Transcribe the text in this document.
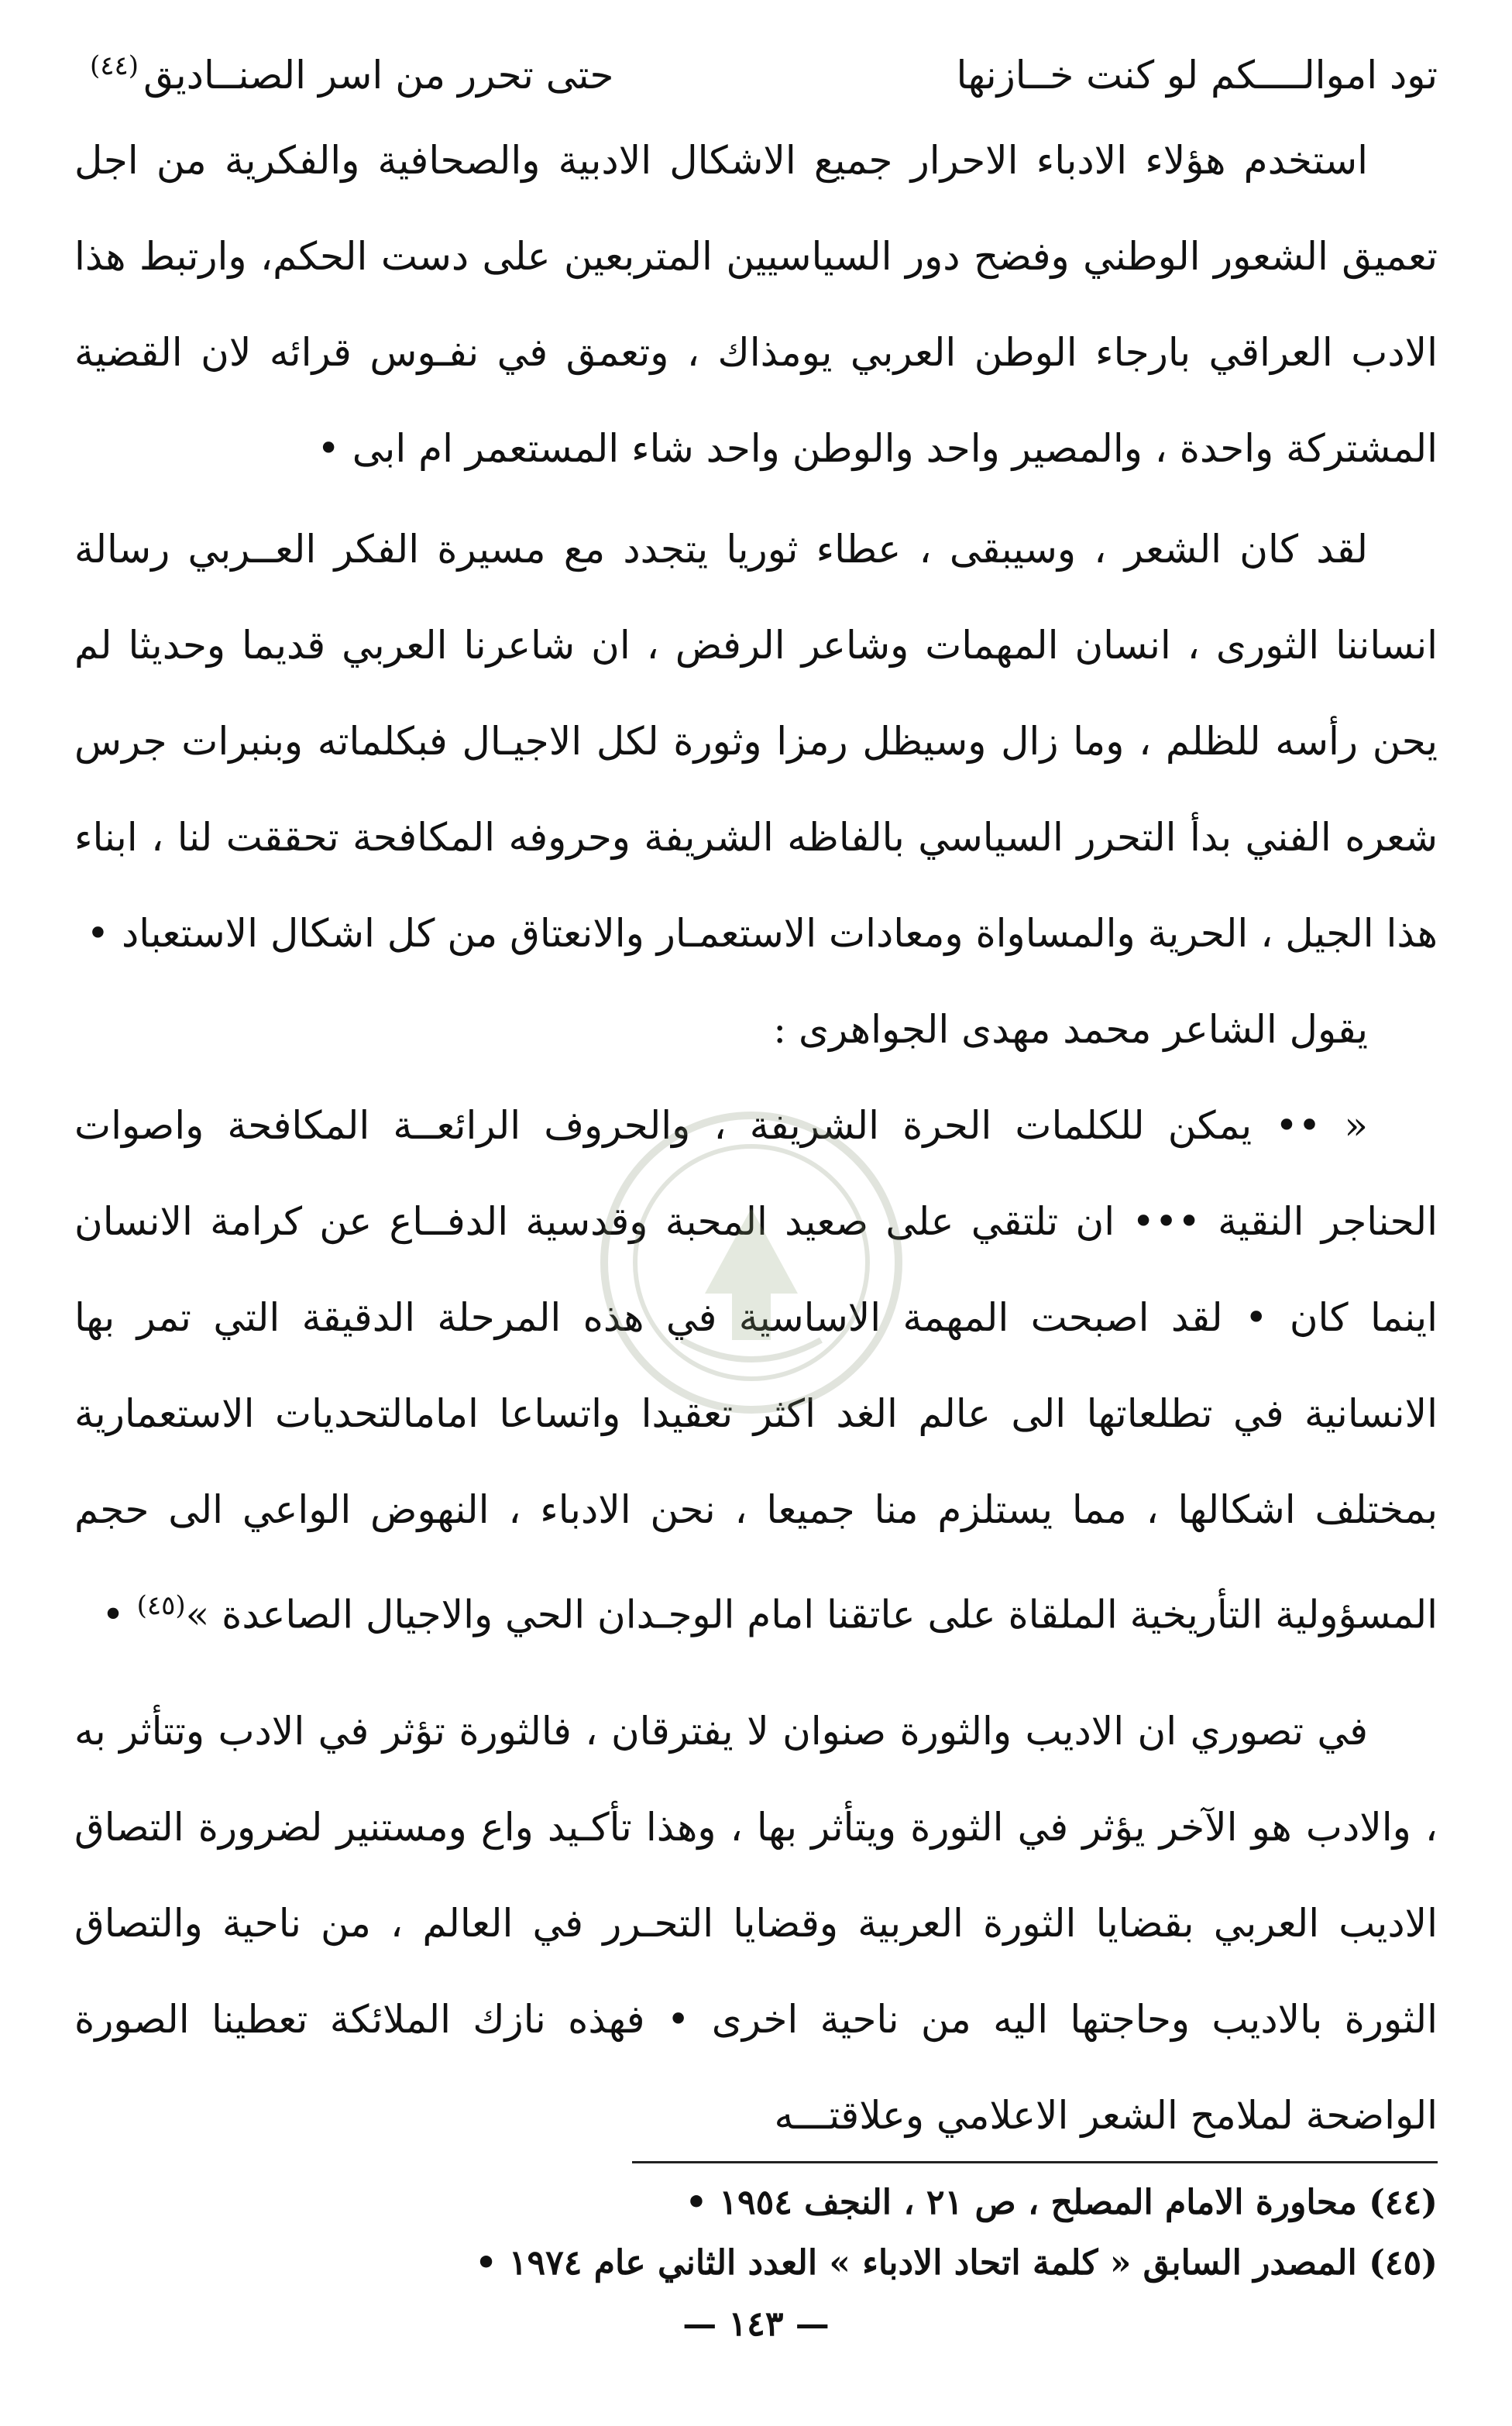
تود اموالــــكم لو كنت خــازنها
حتى تحرر من اسر الصنــاديق$^{(٤٤)}$

استخدم هؤلاء الادباء الاحرار جميع الاشكال الادبية والصحافية والفكرية من اجل تعميق الشعور الوطني وفضح دور السياسيين المتربعين على دست الحكم، وارتبط هذا الادب العراقي بارجاء الوطن العربي يومذاك ، وتعمق في نفـوس قرائه لان القضية المشتركة واحدة ، والمصير واحد والوطن واحد شاء المستعمر ام ابى •

لقد كان الشعر ، وسيبقى ، عطاء ثوريا يتجدد مع مسيرة الفكر العــربي رسالة انساننا الثورى ، انسان المهمات وشاعر الرفض ، ان شاعرنا العربي قديما وحديثا لم يحن رأسه للظلم ، وما زال وسيظل رمزا وثورة لكل الاجيـال فبكلماته وبنبرات جرس شعره الفني بدأ التحرر السياسي بالفاظه الشريفة وحروفه المكافحة تحققت لنا ، ابناء هذا الجيل ، الحرية والمساواة ومعادات الاستعمـار والانعتاق من كل اشكال الاستعباد •

يقول الشاعر محمد مهدى الجواهرى :

« •• يمكن للكلمات الحرة الشريفة ، والحروف الرائعــة المكافحة واصوات الحناجر النقية ••• ان تلتقي على صعيد المحبة وقدسية الدفــاع عن كرامة الانسان اينما كان • لقد اصبحت المهمة الاساسية في هذه المرحلة الدقيقة التي تمر بها الانسانية في تطلعاتها الى عالم الغد اكثر تعقيدا واتساعا امامالتحديات الاستعمارية بمختلف اشكالها ، مما يستلزم منا جميعا ، نحن الادباء ، النهوض الواعي الى حجم المسؤولية التأريخية الملقاة على عاتقنا امام الوجـدان الحي والاجيال الصاعدة »$^{(٤٥)}$ •

في تصوري ان الاديب والثورة صنوان لا يفترقان ، فالثورة تؤثر في الادب وتتأثر به ، والادب هو الآخر يؤثر في الثورة ويتأثر بها ، وهذا تأكـيد واع ومستنير لضرورة التصاق الاديب العربي بقضايا الثورة العربية وقضايا التحـرر في العالم ، من ناحية والتصاق الثورة بالاديب وحاجتها اليه من ناحية اخرى • فهذه نازك الملائكة تعطينا الصورة الواضحة لملامح الشعر الاعلامي وعلاقتـــه

(٤٤) محاورة الامام المصلح ، ص ٢١ ، النجف ١٩٥٤ •

(٤٥) المصدر السابق « كلمة اتحاد الادباء » العدد الثاني عام ١٩٧٤ •

— ١٤٣ —
